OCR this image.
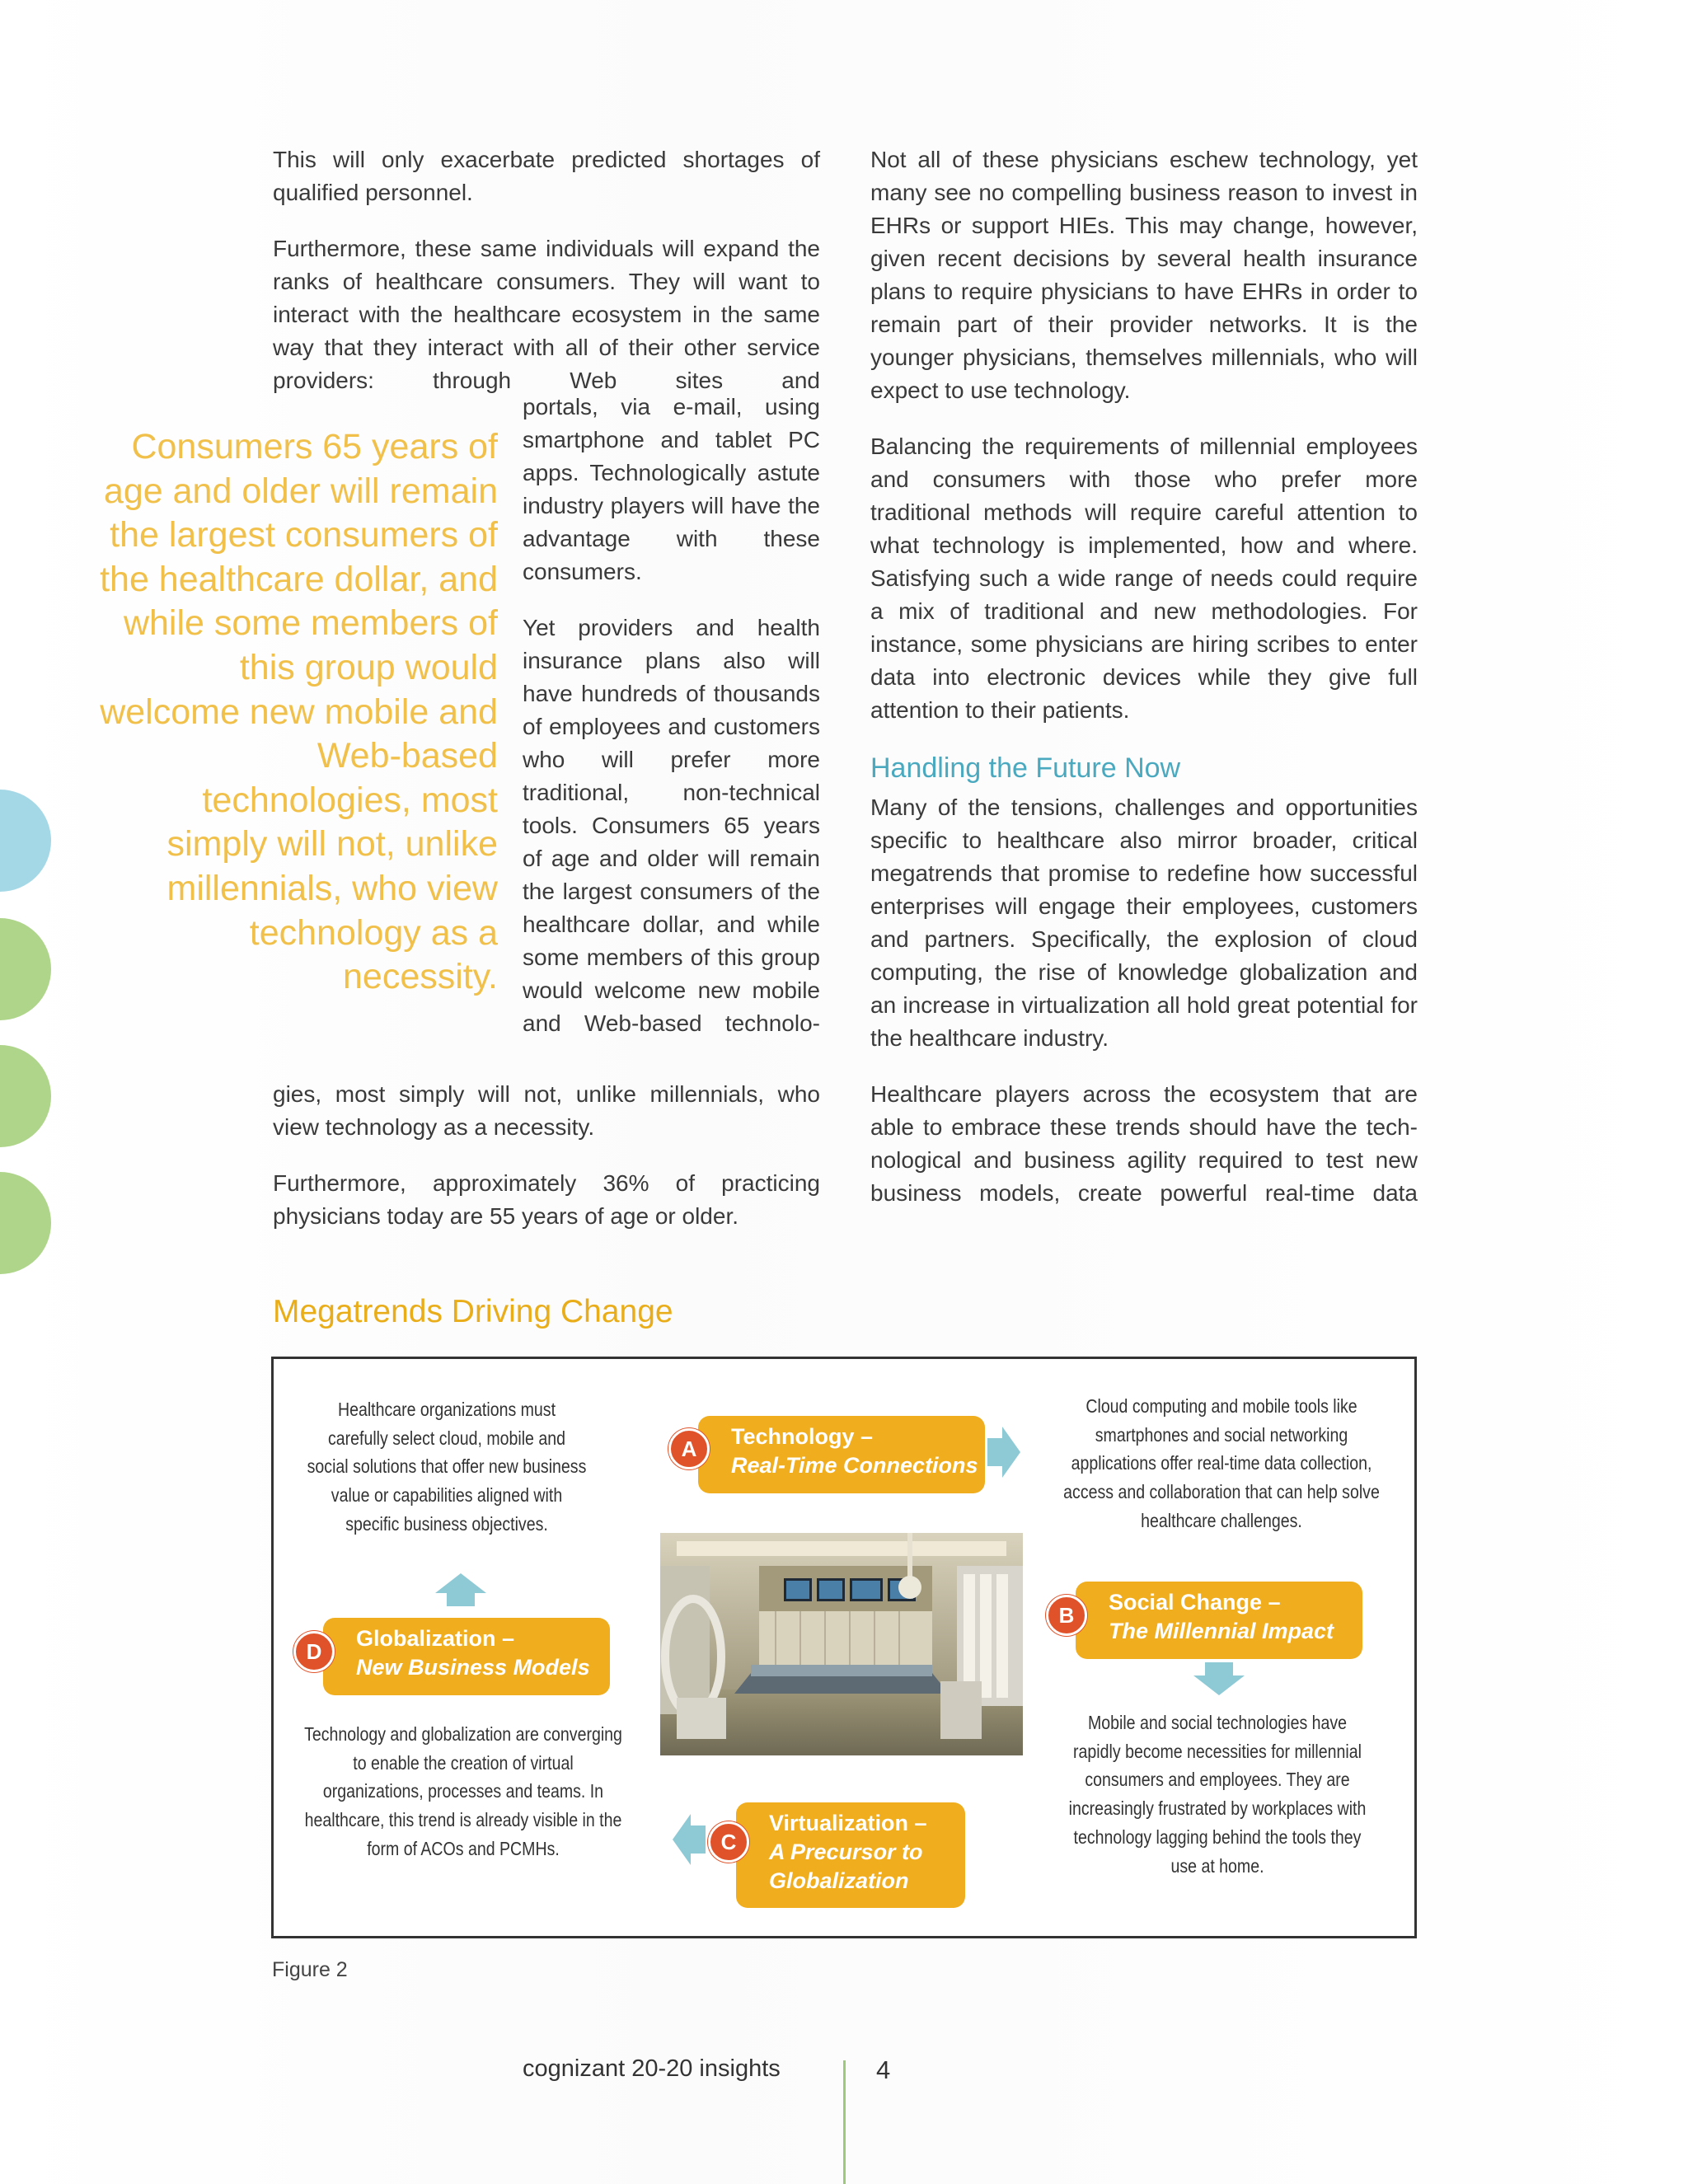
This will only exacerbate predicted shortages of qualified personnel.

Furthermore, these same individuals will expand the ranks of healthcare consumers. They will want to interact with the healthcare ecosystem in the same way that they interact with all of their other service providers: through Web sites and

Consumers 65 years of age and older will remain the largest consumers of the healthcare dollar, and while some members of this group would welcome new mobile and Web-based technologies, most simply will not, unlike millennials, who view technology as a necessity.

portals, via e-mail, using smartphone and tablet PC apps. Technologically astute industry players will have the advantage with these consumers.

Yet providers and health insurance plans also will have hundreds of thousands of employees and customers who will prefer more traditional, non-technical tools. Consumers 65 years of age and older will remain the largest consumers of the healthcare dollar, and while some members of this group would welcome new mobile and Web-based technolo-

gies, most simply will not, unlike millennials, who view technology as a necessity.

Furthermore, approximately 36% of practicing physicians today are 55 years of age or older.

Not all of these physicians eschew technology, yet many see no compelling business reason to invest in EHRs or support HIEs. This may change, however, given recent decisions by several health insurance plans to require physicians to have EHRs in order to remain part of their provider networks. It is the younger physicians, themselves millennials, who will expect to use technology.

Balancing the requirements of millennial employees and consumers with those who prefer more traditional methods will require careful attention to what technology is implemented, how and where. Satisfying such a wide range of needs could require a mix of traditional and new methodologies. For instance, some physicians are hiring scribes to enter data into electronic devices while they give full attention to their patients.

Handling the Future Now

Many of the tensions, challenges and opportunities specific to healthcare also mirror broader, critical megatrends that promise to redefine how successful enterprises will engage their employees, customers and partners. Specifically, the explosion of cloud computing, the rise of knowledge globalization and an increase in virtualization all hold great potential for the healthcare industry.

Healthcare players across the ecosystem that are able to embrace these trends should have the technological and business agility required to test new business models, create powerful real-time data

Megatrends Driving Change
Healthcare organizations must carefully select cloud, mobile and social solutions that offer new business value or capabilities aligned with specific business objectives.
Cloud computing and mobile tools like smartphones and social networking applications offer real-time data collection, access and collaboration that can help solve healthcare challenges.
Technology and globalization are converging to enable the creation of virtual organizations, processes and teams. In healthcare, this trend is already visible in the form of ACOs and PCMHs.
Mobile and social technologies have rapidly become necessities for millennial consumers and employees. They are increasingly frustrated by workplaces with technology lagging behind the tools they use at home.
Technology –
Real-Time Connections
A
Social Change –
The Millennial Impact
B
Virtualization –
A Precursor to Globalization
C
Globalization –
New Business Models
D
Figure 2
cognizant 20-20 insights	4
